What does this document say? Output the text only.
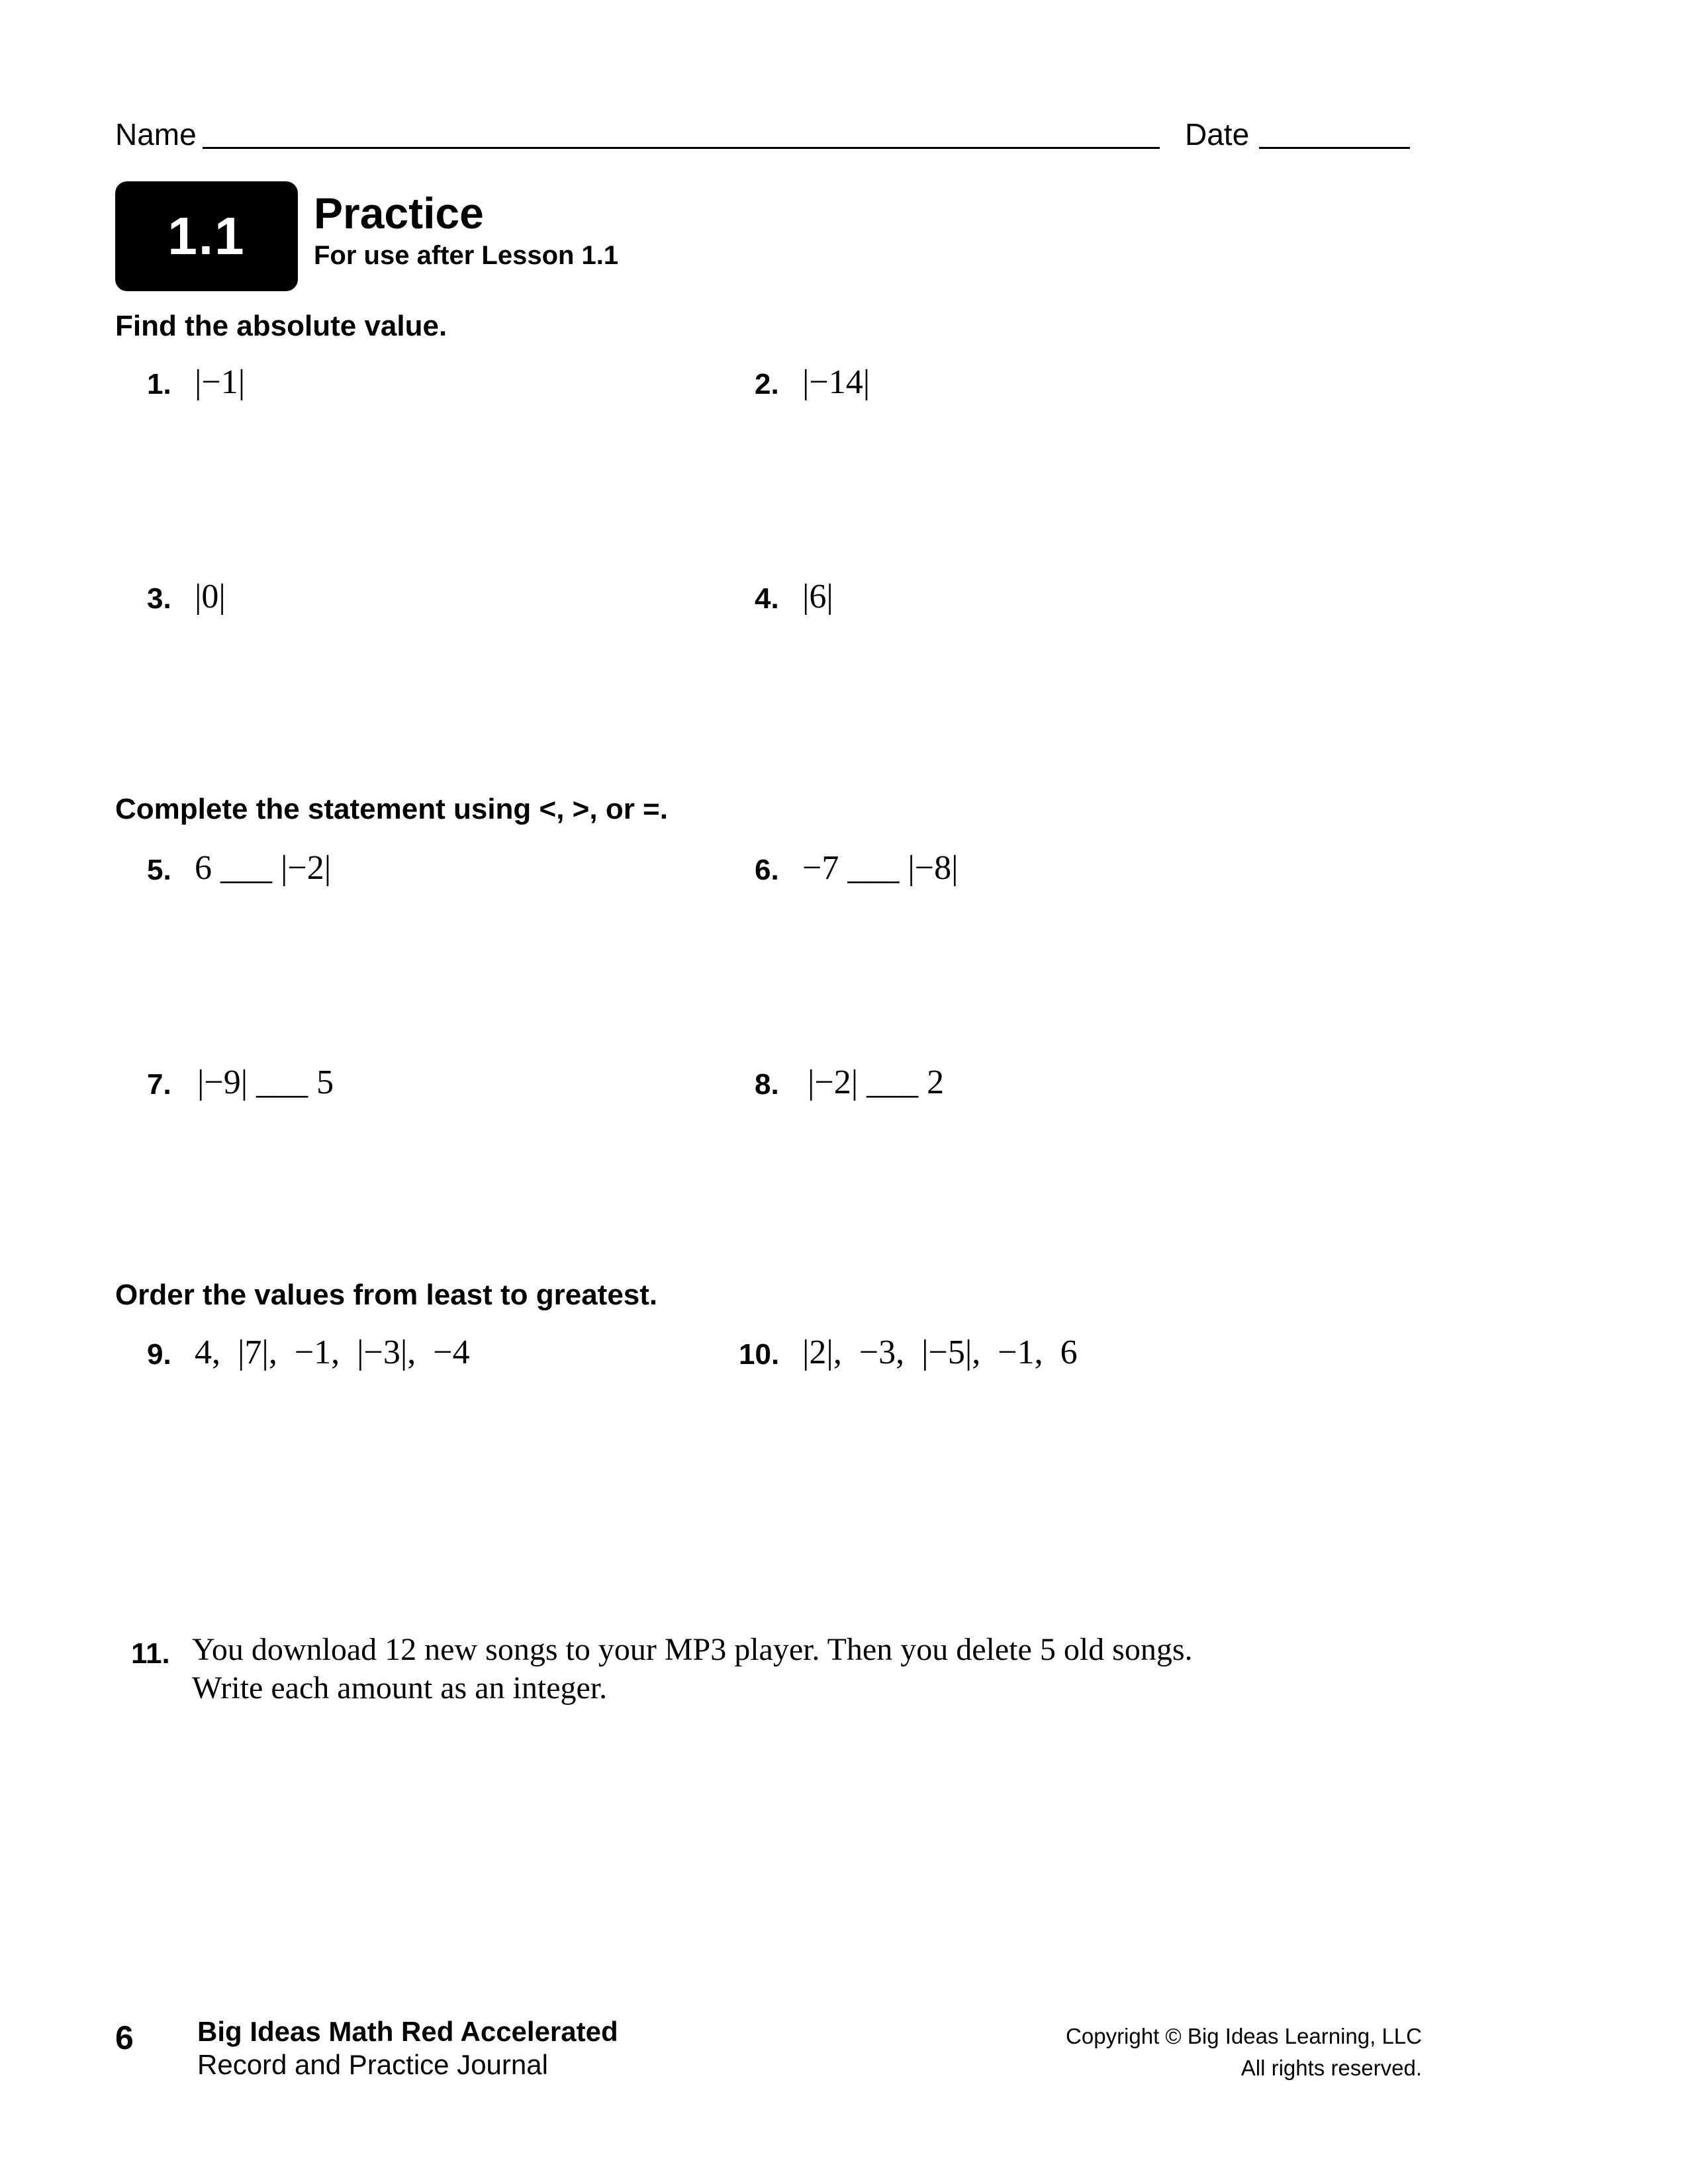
Name	Date
1.1	Practice
For use after Lesson 1.1
Find the absolute value.
1. |−1|	2. |−14|
3. |0|	4. |6|
Complete the statement using <, >, or =.
5. 6 ___ |−2|	6. −7 ___ |−8|
7. |−9| ___ 5	8. |−2| ___ 2
Order the values from least to greatest.
9. 4,  |7|,  −1,  |−3|,  −4	10. |2|,  −3,  |−5|,  −1,  6
11. You download 12 new songs to your MP3 player. Then you delete 5 old songs. Write each amount as an integer.
6 Big Ideas Math Red Accelerated
Record and Practice Journal
Copyright © Big Ideas Learning, LLC
All rights reserved.
